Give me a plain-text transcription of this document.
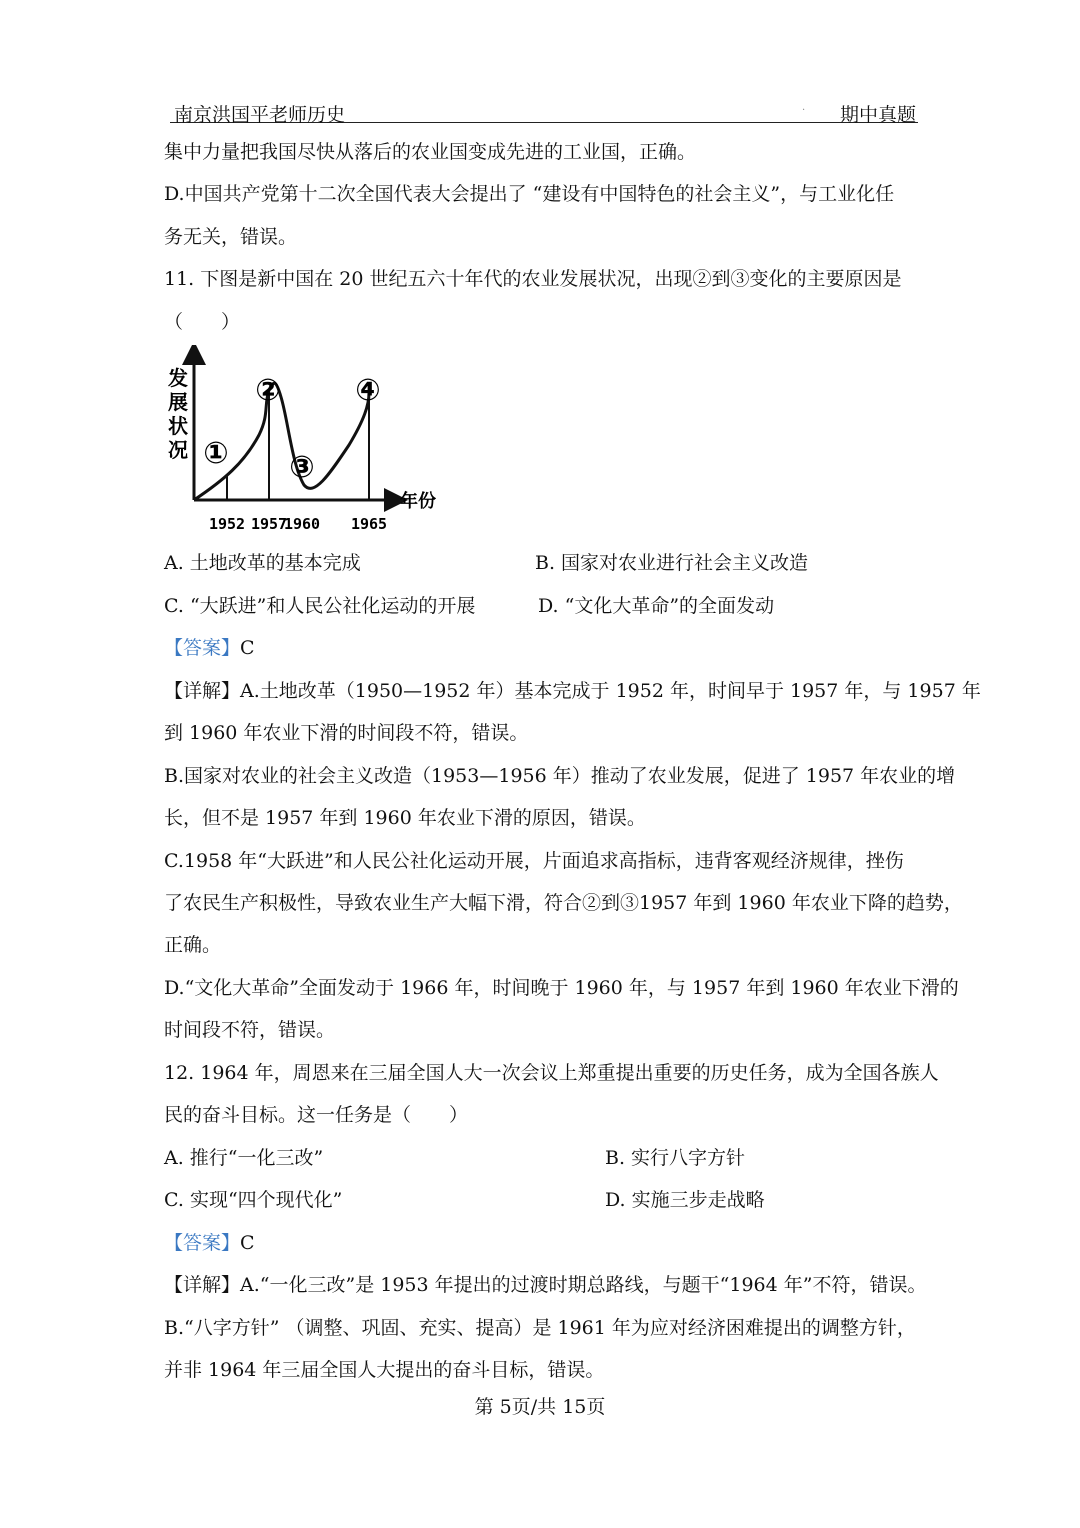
南京洪国平老师历史	. 期中真题
集中力量把我国尽快从落后的农业国变成先进的工业国，正确。
D.中国共产党第十二次全国代表大会提出了 “建设有中国特色的社会主义”，与工业化任
务无关，错误。
11. 下图是新中国在 20 世纪五六十年代的农业发展状况，出现②到③变化的主要原因是
（　　）
发展状况
年份
1952 1957
1960 1965
①
②
③
④
A. 土地改革的基本完成	B. 国家对农业进行社会主义改造
C. “大跃进”和人民公社化运动的开展	D. “文化大革命”的全面发动
【答案】C
【详解】A.土地改革（1950—1952 年）基本完成于 1952 年，时间早于 1957 年，与 1957 年
到 1960 年农业下滑的时间段不符，错误。
B.国家对农业的社会主义改造（1953—1956 年）推动了农业发展，促进了 1957 年农业的增
长，但不是 1957 年到 1960 年农业下滑的原因，错误。
C.1958 年“大跃进”和人民公社化运动开展，片面追求高指标，违背客观经济规律，挫伤
了农民生产积极性，导致农业生产大幅下滑，符合②到③1957 年到 1960 年农业下降的趋势，
正确。
D.“文化大革命”全面发动于 1966 年，时间晚于 1960 年，与 1957 年到 1960 年农业下滑的
时间段不符，错误。
12. 1964 年，周恩来在三届全国人大一次会议上郑重提出重要的历史任务，成为全国各族人
民的奋斗目标。这一任务是（　　）
A. 推行“一化三改”	B. 实行八字方针
C. 实现“四个现代化”	D. 实施三步走战略
【答案】C
【详解】A.“一化三改”是 1953 年提出的过渡时期总路线，与题干“1964 年”不符，错误。
B.“八字方针” （调整、巩固、充实、提高）是 1961 年为应对经济困难提出的调整方针，
并非 1964 年三届全国人大提出的奋斗目标，错误。
第 5页/共 15页
